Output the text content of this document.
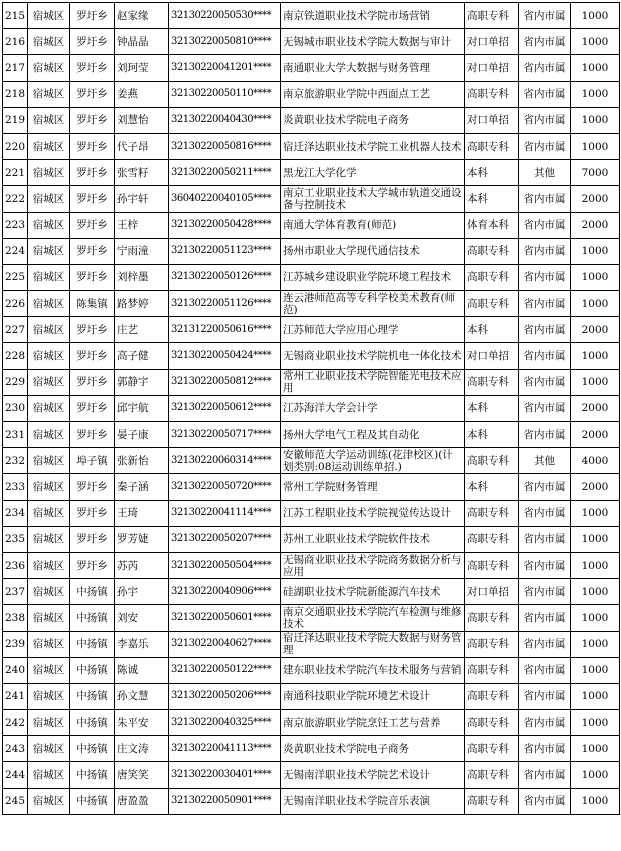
215	宿城区	罗圩乡	赵家缘	32130220050530****	南京铁道职业技术学院市场营销	高职专科	省内市属	1000
216	宿城区	罗圩乡	钟晶晶	32130220050810****	无锡城市职业技术学院大数据与审计	对口单招	省内市属	1000
217	宿城区	罗圩乡	刘珂莹	32130220041201****	南通职业大学大数据与财务管理	对口单招	省内市属	1000
218	宿城区	罗圩乡	姜燕	32130220050110****	南京旅游职业学院中西面点工艺	高职专科	省内市属	1000
219	宿城区	罗圩乡	刘慧怡	32130220040430****	炎黄职业技术学院电子商务	对口单招	省内市属	1000
220	宿城区	罗圩乡	代子昂	32130220050816****	宿迁泽达职业技术学院工业机器人技术	高职专科	省内市属	1000
221	宿城区	罗圩乡	张雪籽	32130220050211****	黑龙江大学化学	本科	其他	7000
222	宿城区	罗圩乡	孙宇轩	36040220040105****	南京工业职业技术大学城市轨道交通设备与控制技术	本科	省内市属	2000
223	宿城区	罗圩乡	王梓	32130220050428****	南通大学体育教育(师范)	体育本科	省内市属	2000
224	宿城区	罗圩乡	宁雨潼	32130220051123****	扬州市职业大学现代通信技术	高职专科	省内市属	1000
225	宿城区	罗圩乡	刘梓墨	32130220050126****	江苏城乡建设职业学院环境工程技术	高职专科	省内市属	1000
226	宿城区	陈集镇	路梦婷	32130220051126****	连云港师范高等专科学校美术教育(师范)	高职专科	省内市属	1000
227	宿城区	罗圩乡	庄艺	32131220050616****	江苏师范大学应用心理学	本科	省内市属	2000
228	宿城区	罗圩乡	高子健	32130220050424****	无锡商业职业技术学院机电一体化技术	对口单招	省内市属	1000
229	宿城区	罗圩乡	郭静宇	32130220050812****	常州工业职业技术学院智能光电技术应用	高职专科	省内市属	1000
230	宿城区	罗圩乡	邱宇航	32130220050612****	江苏海洋大学会计学	本科	省内市属	2000
231	宿城区	罗圩乡	晏子康	32130220050717****	扬州大学电气工程及其自动化	本科	省内市属	2000
232	宿城区	埠子镇	张新怡	32130220060314****	安徽师范大学运动训练(花津校区)(计划类别:08运动训练单招.)	高职专科	其他	4000
233	宿城区	罗圩乡	秦子涵	32130220050720****	常州工学院财务管理	本科	省内市属	2000
234	宿城区	罗圩乡	王琦	32130220041114****	江苏工程职业技术学院视觉传达设计	高职专科	省内市属	1000
235	宿城区	罗圩乡	罗芳婕	32130220050207****	苏州工业职业技术学院软件技术	高职专科	省内市属	1000
236	宿城区	罗圩乡	苏芮	32130220050504****	无锡商业职业技术学院商务数据分析与应用	高职专科	省内市属	1000
237	宿城区	中扬镇	孙宇	32130220040906****	硅湖职业技术学院新能源汽车技术	对口单招	省内市属	1000
238	宿城区	中扬镇	刘安	32130220050601****	南京交通职业技术学院汽车检测与维修技术	高职专科	省内市属	1000
239	宿城区	中扬镇	李嘉乐	32130220040627****	宿迁泽达职业技术学院大数据与财务管理	高职专科	省内市属	1000
240	宿城区	中扬镇	陈诚	32130220050122****	建东职业技术学院汽车技术服务与营销	高职专科	省内市属	1000
241	宿城区	中扬镇	孙文慧	32130220050206****	南通科技职业学院环境艺术设计	高职专科	省内市属	1000
242	宿城区	中扬镇	朱平安	32130220040325****	南京旅游职业学院烹饪工艺与营养	高职专科	省内市属	1000
243	宿城区	中扬镇	庄文涛	32130220041113****	炎黄职业技术学院电子商务	高职专科	省内市属	1000
244	宿城区	中扬镇	唐笑笑	32130220030401****	无锡南洋职业技术学院艺术设计	高职专科	省内市属	1000
245	宿城区	中扬镇	唐盈盈	32130220050901****	无锡南洋职业技术学院音乐表演	高职专科	省内市属	1000
